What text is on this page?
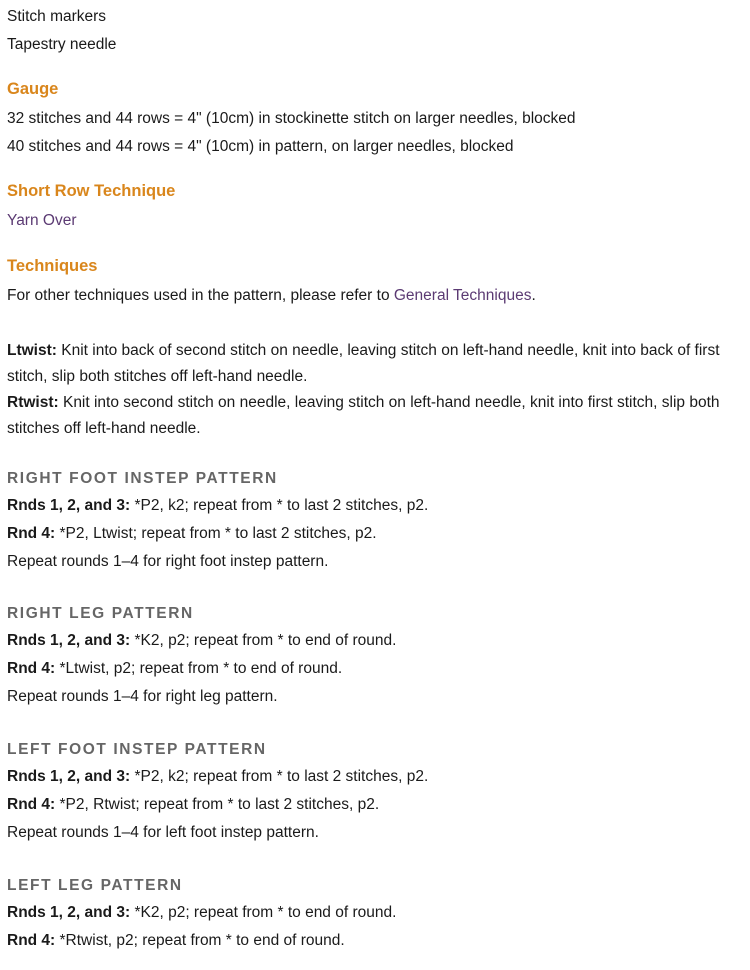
Stitch markers
Tapestry needle
Gauge
32 stitches and 44 rows = 4" (10cm) in stockinette stitch on larger needles, blocked
40 stitches and 44 rows = 4" (10cm) in pattern, on larger needles, blocked
Short Row Technique
Yarn Over
Techniques
For other techniques used in the pattern, please refer to General Techniques.
Ltwist: Knit into back of second stitch on needle, leaving stitch on left-hand needle, knit into back of first stitch, slip both stitches off left-hand needle.
Rtwist: Knit into second stitch on needle, leaving stitch on left-hand needle, knit into first stitch, slip both stitches off left-hand needle.
RIGHT FOOT INSTEP PATTERN
Rnds 1, 2, and 3: *P2, k2; repeat from * to last 2 stitches, p2.
Rnd 4: *P2, Ltwist; repeat from * to last 2 stitches, p2.
Repeat rounds 1–4 for right foot instep pattern.
RIGHT LEG PATTERN
Rnds 1, 2, and 3: *K2, p2; repeat from * to end of round.
Rnd 4: *Ltwist, p2; repeat from * to end of round.
Repeat rounds 1–4 for right leg pattern.
LEFT FOOT INSTEP PATTERN
Rnds 1, 2, and 3: *P2, k2; repeat from * to last 2 stitches, p2.
Rnd 4: *P2, Rtwist; repeat from * to last 2 stitches, p2.
Repeat rounds 1–4 for left foot instep pattern.
LEFT LEG PATTERN
Rnds 1, 2, and 3: *K2, p2; repeat from * to end of round.
Rnd 4: *Rtwist, p2; repeat from * to end of round.
